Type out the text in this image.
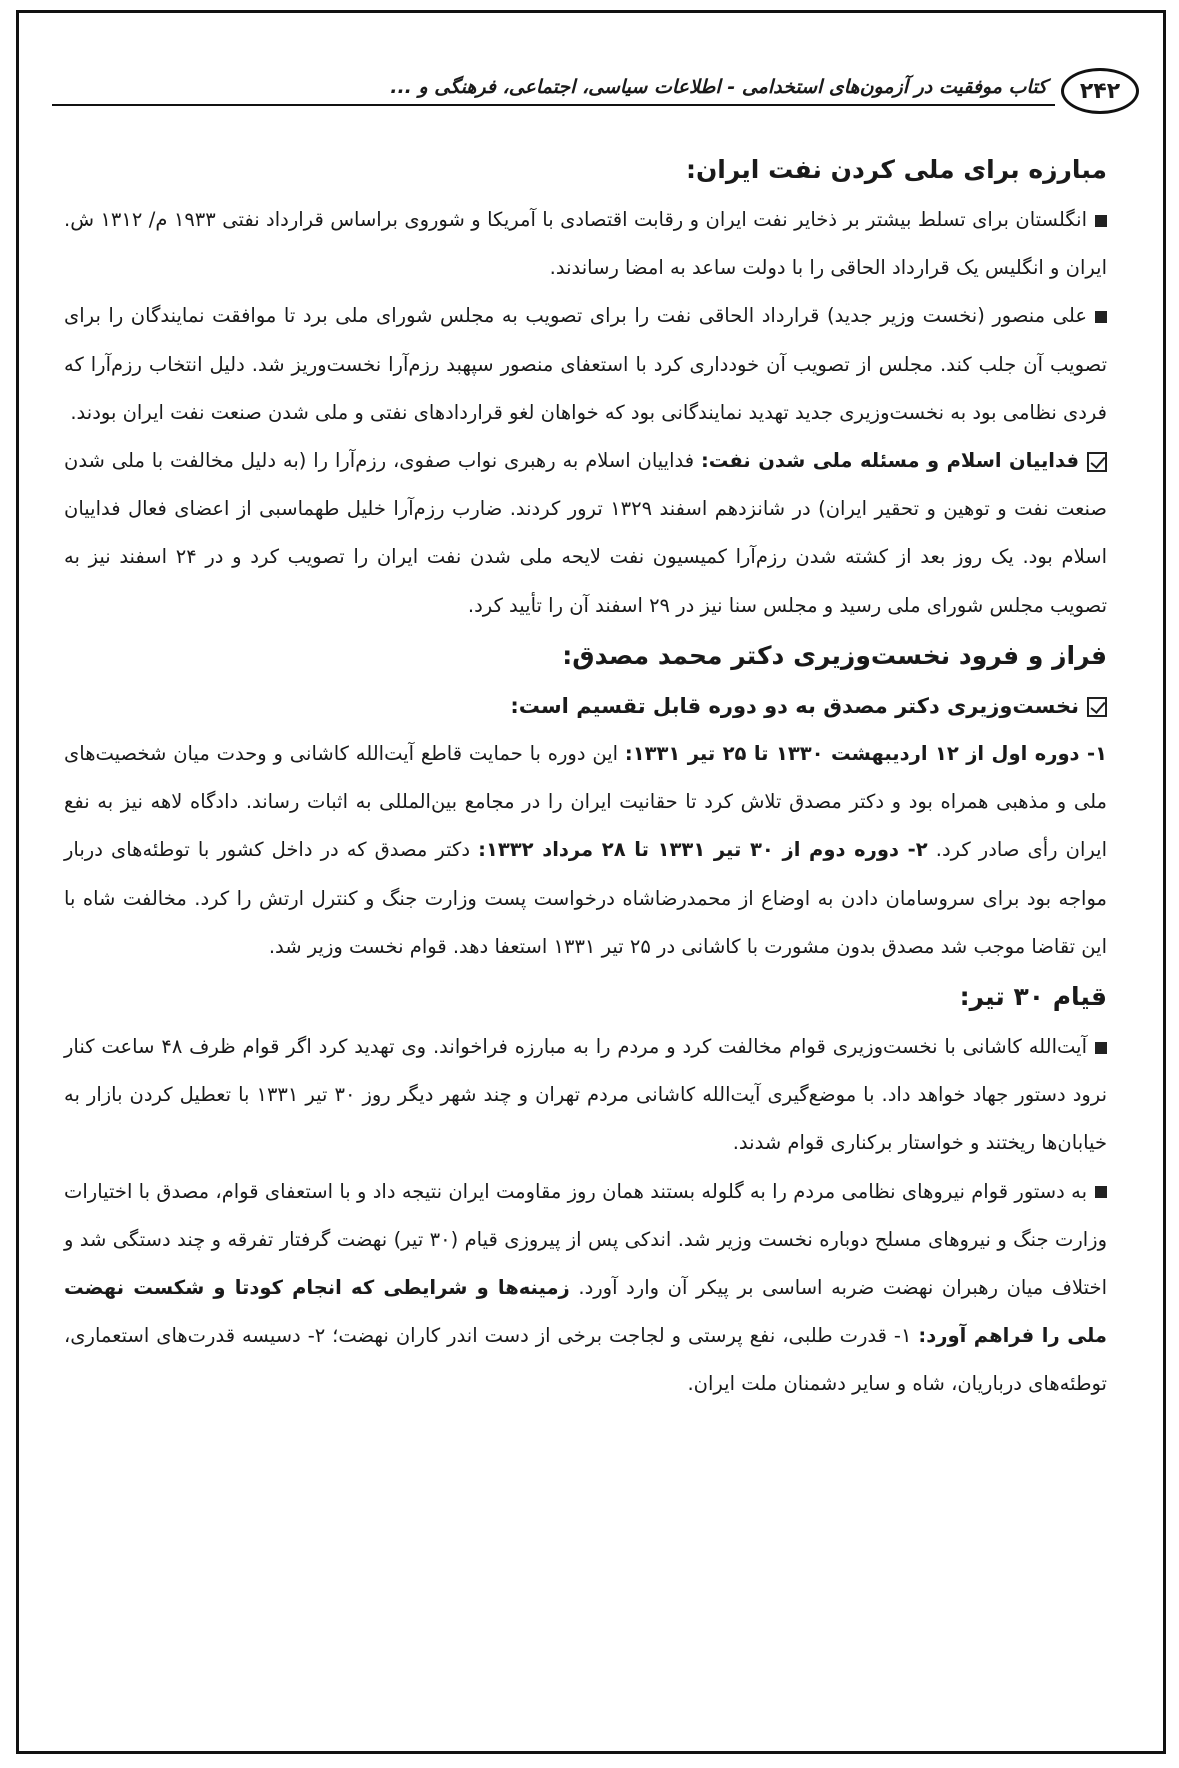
۲۴۲
کتاب موفقیت در آزمون‌های استخدامی - اطلاعات سیاسی، اجتماعی، فرهنگی و ...
مبارزه برای ملی کردن نفت ایران:

انگلستان برای تسلط بیشتر بر ذخایر نفت ایران و رقابت اقتصادی با آمریکا و شوروی براساس قرارداد نفتی ۱۹۳۳ م/ ۱۳۱۲ ش. ایران و انگلیس یک قرارداد الحاقی را با دولت ساعد به امضا رساندند.

علی منصور (نخست وزیر جدید) قرارداد الحاقی نفت را برای تصویب به مجلس شورای ملی برد تا موافقت نمایندگان را برای تصویب آن جلب کند. مجلس از تصویب آن خودداری کرد با استعفای منصور سپهبد رزم‌آرا نخست‌وریز شد. دلیل انتخاب رزم‌آرا که فردی نظامی بود به نخست‌وزیری جدید تهدید نمایندگانی بود که خواهان لغو قراردادهای نفتی و ملی شدن صنعت نفت ایران بودند.

فداییان اسلام و مسئله ملی شدن نفت: فداییان اسلام به رهبری نواب صفوی، رزم‌آرا را (به دلیل مخالفت با ملی شدن صنعت نفت و توهین و تحقیر ایران) در شانزدهم اسفند ۱۳۲۹ ترور کردند. ضارب رزم‌آرا خلیل طهماسبی از اعضای فعال فداییان اسلام بود. یک روز بعد از کشته شدن رزم‌آرا کمیسیون نفت لایحه ملی شدن نفت ایران را تصویب کرد و در ۲۴ اسفند نیز به تصویب مجلس شورای ملی رسید و مجلس سنا نیز در ۲۹ اسفند آن را تأیید کرد.

فراز و فرود نخست‌وزیری دکتر محمد مصدق:

نخست‌وزیری دکتر مصدق به دو دوره قابل تقسیم است:

۱- دوره اول از ۱۲ اردیبهشت ۱۳۳۰ تا ۲۵ تیر ۱۳۳۱: این دوره با حمایت قاطع آیت‌الله کاشانی و وحدت میان شخصیت‌های ملی و مذهبی همراه بود و دکتر مصدق تلاش کرد تا حقانیت ایران را در مجامع بین‌المللی به اثبات رساند. دادگاه لاهه نیز به نفع ایران رأی صادر کرد. ۲- دوره دوم از ۳۰ تیر ۱۳۳۱ تا ۲۸ مرداد ۱۳۳۲: دکتر مصدق که در داخل کشور با توطئه‌های دربار مواجه بود برای سروسامان دادن به اوضاع از محمدرضاشاه درخواست پست وزارت جنگ و کنترل ارتش را کرد. مخالفت شاه با این تقاضا موجب شد مصدق بدون مشورت با کاشانی در ۲۵ تیر ۱۳۳۱ استعفا دهد. قوام نخست وزیر شد.

قیام ۳۰ تیر:

آیت‌الله کاشانی با نخست‌وزیری قوام مخالفت کرد و مردم را به مبارزه فراخواند. وی تهدید کرد اگر قوام ظرف ۴۸ ساعت کنار نرود دستور جهاد خواهد داد. با موضع‌گیری آیت‌الله کاشانی مردم تهران و چند شهر دیگر روز ۳۰ تیر ۱۳۳۱ با تعطیل کردن بازار به خیابان‌ها ریختند و خواستار برکناری قوام شدند.

به دستور قوام نیروهای نظامی مردم را به گلوله بستند همان روز مقاومت ایران نتیجه داد و با استعفای قوام، مصدق با اختیارات وزارت جنگ و نیروهای مسلح دوباره نخست وزیر شد. اندکی پس از پیروزی قیام (۳۰ تیر) نهضت گرفتار تفرقه و چند دستگی شد و اختلاف میان رهبران نهضت ضربه اساسی بر پیکر آن وارد آورد. زمینه‌ها و شرایطی که انجام کودتا و شکست نهضت ملی را فراهم آورد: ۱- قدرت طلبی، نفع پرستی و لجاجت برخی از دست اندر کاران نهضت؛ ۲- دسیسه قدرت‌های استعماری، توطئه‌های درباریان، شاه و سایر دشمنان ملت ایران.
